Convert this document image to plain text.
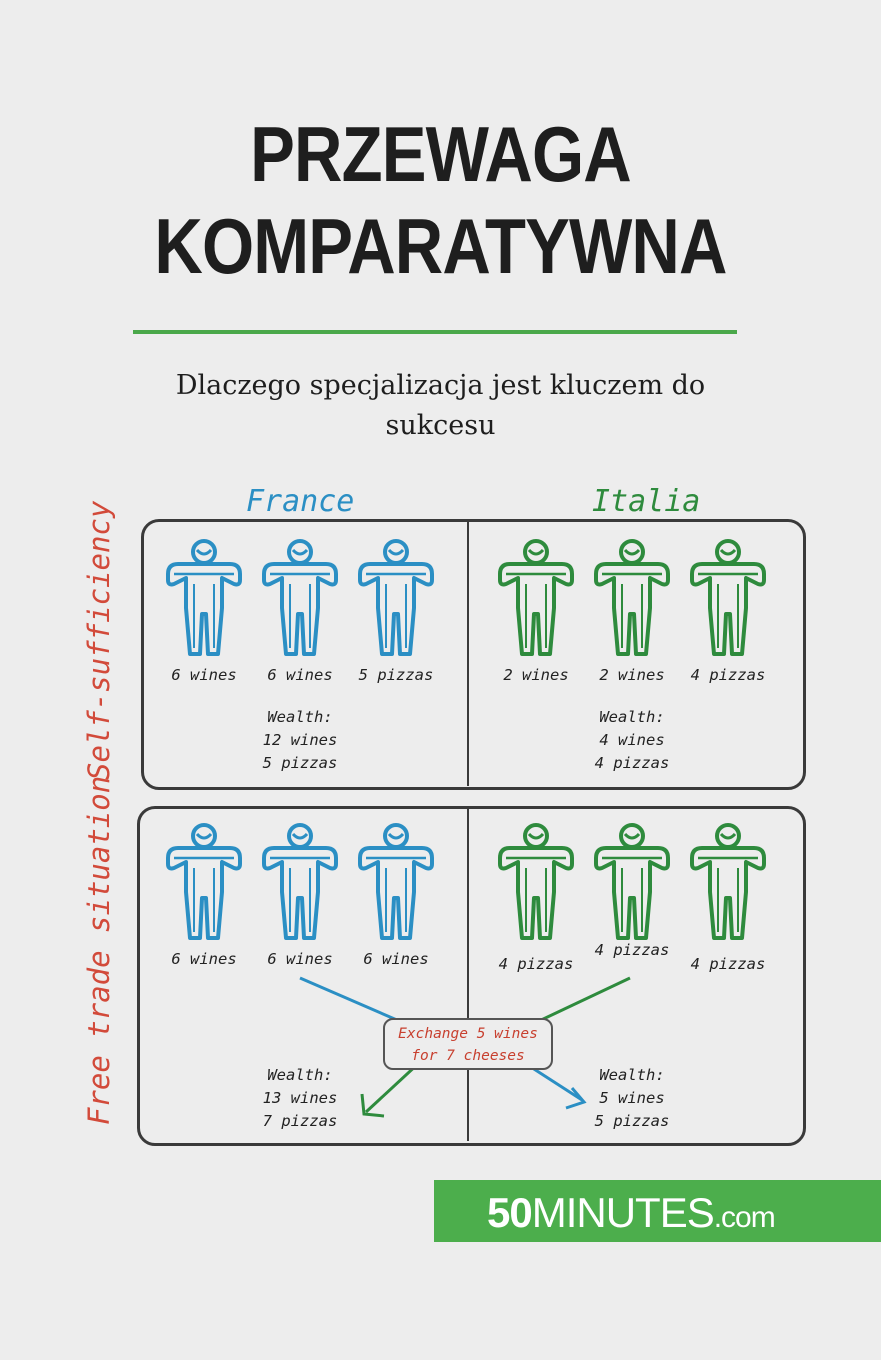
PRZEWAGA
KOMPARATYWNA
Dlaczego specjalizacja jest kluczem do
sukcesu
France	Italia
Self-sufficiency
Free trade situation
6 wines	6 wines	5 pizzas	2 wines	2 wines	4 pizzas
Wealth:
12 wines
5 pizzas
Wealth:
4 wines
4 pizzas
6 wines	6 wines	6 wines	4 pizzas
4 pizzas
4 pizzas
Exchange 5 wines
for 7 cheeses
Wealth:
13 wines
7 pizzas
Wealth:
5 wines
5 pizzas
50MINUTES.com
